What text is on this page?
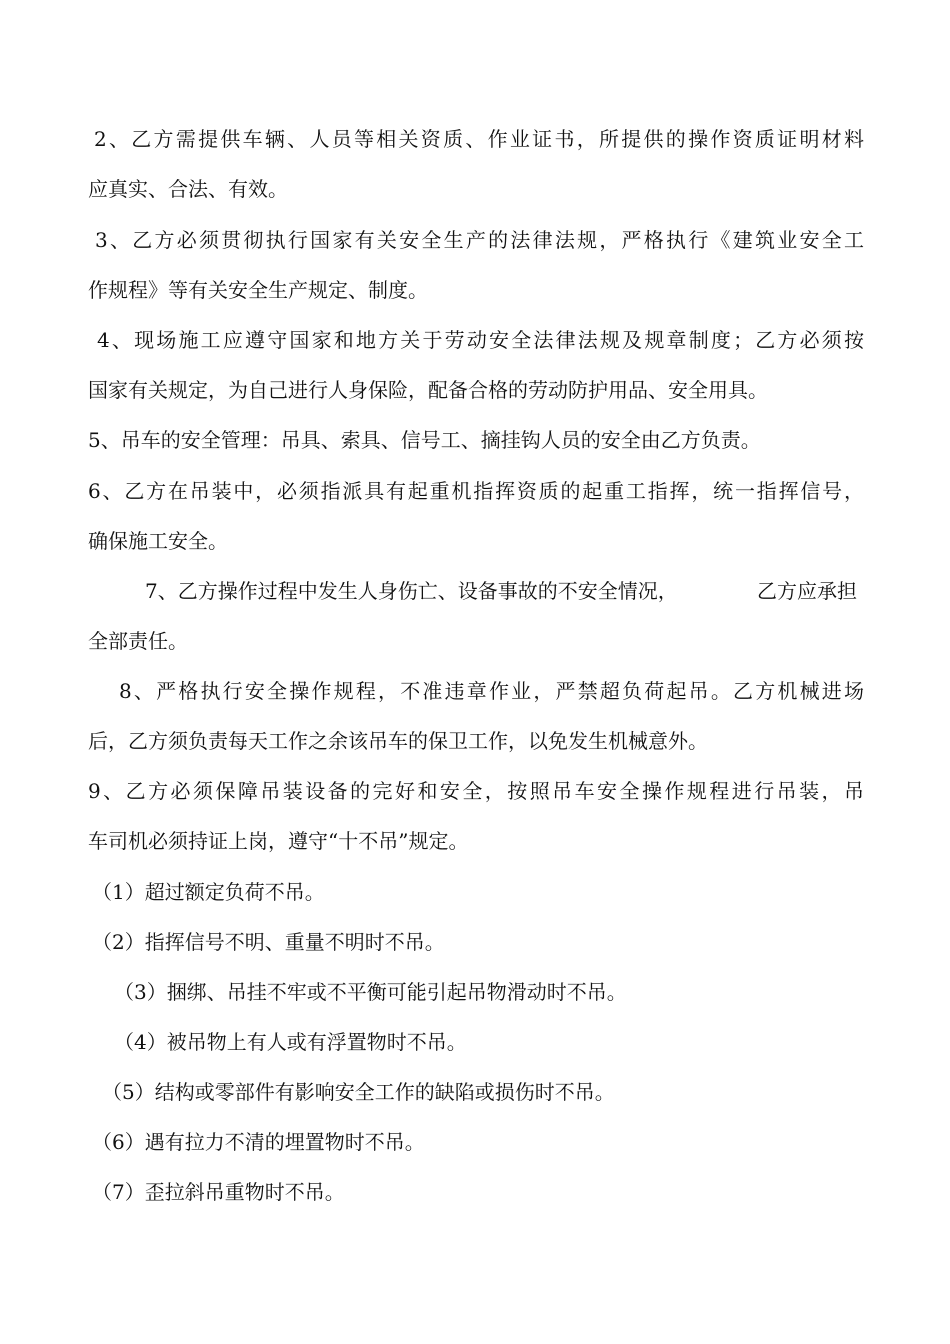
2、乙方需提供车辆、人员等相关资质、作业证书，所提供的操作资质证明材料
应真实、合法、有效。
3、乙方必须贯彻执行国家有关安全生产的法律法规，严格执行《建筑业安全工
作规程》等有关安全生产规定、制度。
4、现场施工应遵守国家和地方关于劳动安全法律法规及规章制度；乙方必须按
国家有关规定，为自己进行人身保险，配备合格的劳动防护用品、安全用具。
5、吊车的安全管理：吊具、索具、信号工、摘挂钩人员的安全由乙方负责。
6、乙方在吊装中，必须指派具有起重机指挥资质的起重工指挥，统一指挥信号，
确保施工安全。
7、乙方操作过程中发生人身伤亡、设备事故的不安全情况，	乙方应承担
全部责任。
8、严格执行安全操作规程，不准违章作业，严禁超负荷起吊。乙方机械进场
后，乙方须负责每天工作之余该吊车的保卫工作，以免发生机械意外。
9、乙方必须保障吊装设备的完好和安全，按照吊车安全操作规程进行吊装，吊
车司机必须持证上岗，遵守“十不吊”规定。
（1）超过额定负荷不吊。
（2）指挥信号不明、重量不明时不吊。
（3）捆绑、吊挂不牢或不平衡可能引起吊物滑动时不吊。
（4）被吊物上有人或有浮置物时不吊。
（5）结构或零部件有影响安全工作的缺陷或损伤时不吊。
（6）遇有拉力不清的埋置物时不吊。
（7）歪拉斜吊重物时不吊。
